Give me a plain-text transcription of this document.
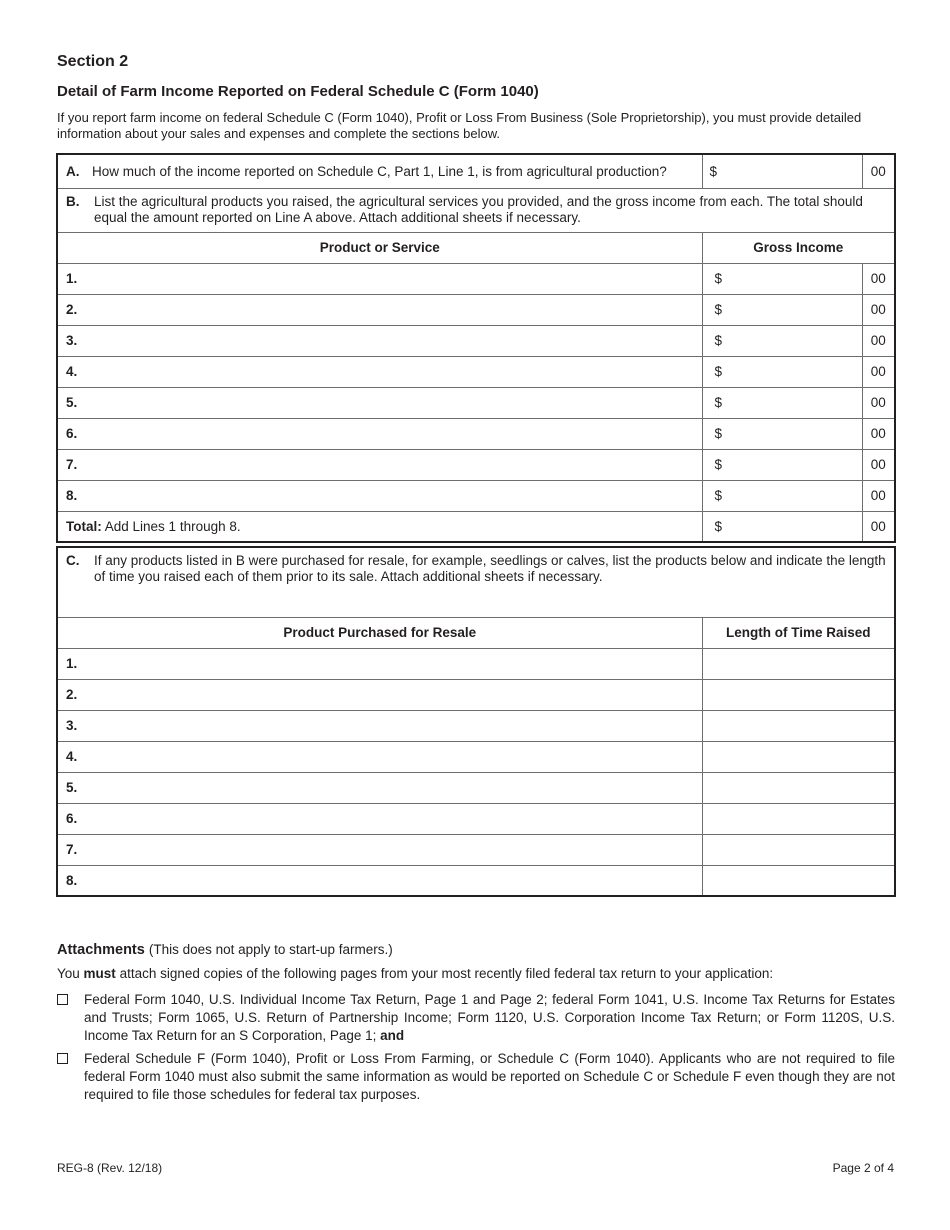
Section 2
Detail of Farm Income Reported on Federal Schedule C (Form 1040)
If you report farm income on federal Schedule C (Form 1040), Profit or Loss From Business (Sole Proprietorship), you must provide detailed information about your sales and expenses and complete the sections below.
A. How much of the income reported on Schedule C, Part 1, Line 1, is from agricultural production?	$	00

B. List the agricultural products you raised, the agricultural services you provided, and the gross income from each. The total should equal the amount reported on Line A above. Attach additional sheets if necessary.		

Product or Service	Gross Income	
1.	$	00
2.	$	00
3.	$	00
4.	$	00
5.	$	00
6.	$	00
7.	$	00
8.	$	00
Total: Add Lines 1 through 8.	$	00
C. If any products listed in B were purchased for resale, for example, seedlings or calves, list the products below and indicate the length of time you raised each of them prior to its sale. Attach additional sheets if necessary.	

Product Purchased for Resale	Length of Time Raised
1.	
2.	
3.	
4.	
5.	
6.	
7.	
8.	
Attachments (This does not apply to start-up farmers.)
You must attach signed copies of the following pages from your most recently filed federal tax return to your application:
Federal Form 1040, U.S. Individual Income Tax Return, Page 1 and Page 2; federal Form 1041, U.S. Income Tax Returns for Estates and Trusts; Form 1065, U.S. Return of Partnership Income; Form 1120, U.S. Corporation Income Tax Return; or Form 1120S, U.S. Income Tax Return for an S Corporation, Page 1; and
Federal Schedule F (Form 1040), Profit or Loss From Farming, or Schedule C (Form 1040). Applicants who are not required to file federal Form 1040 must also submit the same information as would be reported on Schedule C or Schedule F even though they are not required to file those schedules for federal tax purposes.
REG-8 (Rev. 12/18)	Page 2 of 4
